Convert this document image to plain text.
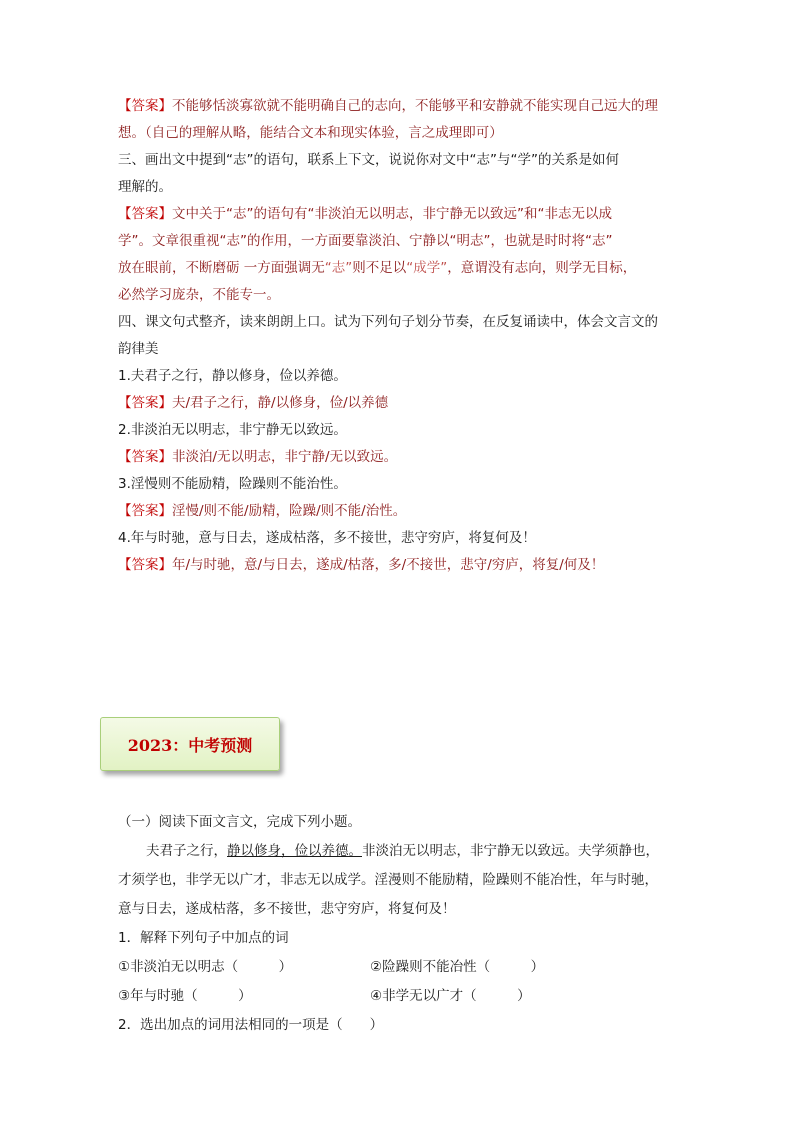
【答案】不能够恬淡寡欲就不能明确自己的志向，不能够平和安静就不能实现自己远大的理
想。（自己的理解从略，能结合文本和现实体验，言之成理即可）
三、画出文中提到“志”的语句，联系上下文，说说你对文中“志”与“学”的关系是如何
理解的。
【答案】文中关于“志”的语句有“非淡泊无以明志，非宁静无以致远”和“非志无以成
学”。文章很重视“志”的作用，一方面要靠淡泊、宁静以“明志”，也就是时时将“志”
放在眼前，不断磨砺 一方面强调无“志”则不足以“成学”，意谓没有志向，则学无目标，
必然学习庞杂，不能专一。
四、课文句式整齐，读来朗朗上口。试为下列句子划分节奏，在反复诵读中，体会文言文的
韵律美
1.夫君子之行，静以修身，俭以养德。
【答案】夫/君子之行，静/以修身，俭/以养德
2.非淡泊无以明志，非宁静无以致远。
【答案】非淡泊/无以明志，非宁静/无以致远。
3.淫慢则不能励精，险躁则不能治性。
【答案】淫慢/则不能/励精，险躁/则不能/治性。
4.年与时驰，意与日去，遂成枯落，多不接世，悲守穷庐，将复何及！
【答案】年/与时驰，意/与日去，遂成/枯落，多/不接世，悲守/穷庐，将复/何及！
2023：中考预测
（一）阅读下面文言文，完成下列小题。
夫君子之行，静以修身，俭以养德。非淡泊无以明志，非宁静无以致远。夫学须静也，
才须学也，非学无以广才，非志无以成学。淫漫则不能励精，险躁则不能冶性，年与时驰，
意与日去，遂成枯落，多不接世，悲守穷庐，将复何及！
1．解释下列句子中加点的词
①非淡泊无以明志（　　　）	②险躁则不能冶性（　　　）
③年与时驰（　　　）	④非学无以广才（　　　）
2．选出加点的词用法相同的一项是（　　）
